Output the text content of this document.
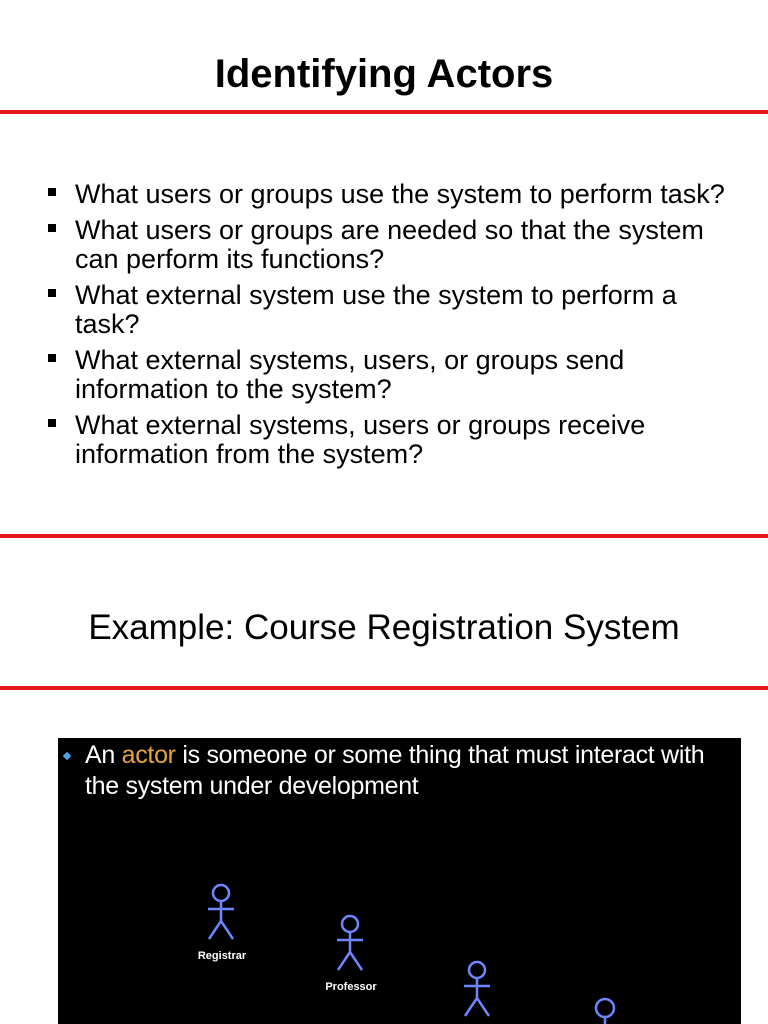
Identifying Actors
What users or groups use the system to perform task?
What users or groups are needed so that the system can perform its functions?
What external system use the system to perform a task?
What external systems, users, or groups send information to the system?
What external systems, users or groups receive information from the system?
Example: Course Registration System
An actor is someone or some thing that must interact with the system under development
Registrar
Professor
